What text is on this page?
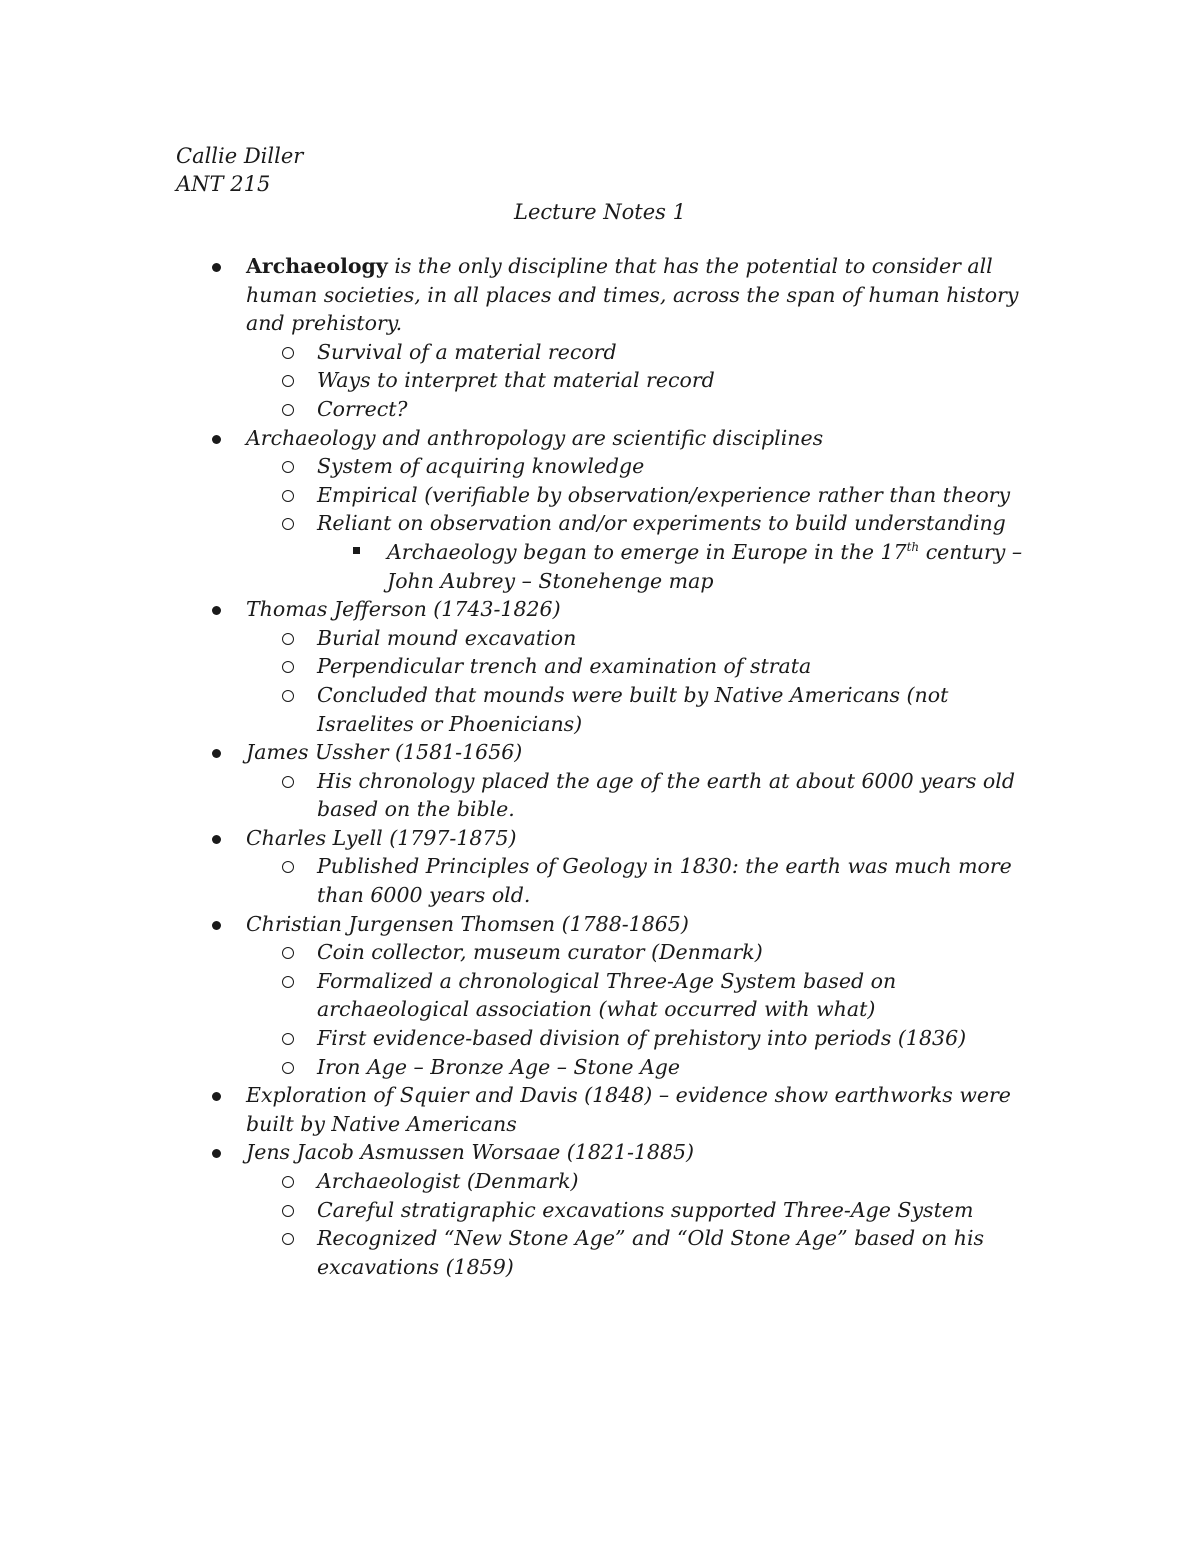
Callie Diller
ANT 215
Lecture Notes 1
Archaeology is the only discipline that has the potential to consider all human societies, in all places and times, across the span of human history and prehistory.
Survival of a material record
Ways to interpret that material record
Correct?
Archaeology and anthropology are scientific disciplines
System of acquiring knowledge
Empirical (verifiable by observation/experience rather than theory
Reliant on observation and/or experiments to build understanding
Archaeology began to emerge in Europe in the 17th century – John Aubrey – Stonehenge map
Thomas Jefferson (1743-1826)
Burial mound excavation
Perpendicular trench and examination of strata
Concluded that mounds were built by Native Americans (not Israelites or Phoenicians)
James Ussher (1581-1656)
His chronology placed the age of the earth at about 6000 years old based on the bible.
Charles Lyell (1797-1875)
Published Principles of Geology in 1830: the earth was much more than 6000 years old.
Christian Jurgensen Thomsen (1788-1865)
Coin collector, museum curator (Denmark)
Formalized a chronological Three-Age System based on archaeological association (what occurred with what)
First evidence-based division of prehistory into periods (1836)
Iron Age – Bronze Age – Stone Age
Exploration of Squier and Davis (1848) – evidence show earthworks were built by Native Americans
Jens Jacob Asmussen Worsaae (1821-1885)
Archaeologist (Denmark)
Careful stratigraphic excavations supported Three-Age System
Recognized “New Stone Age” and “Old Stone Age” based on his excavations (1859)
